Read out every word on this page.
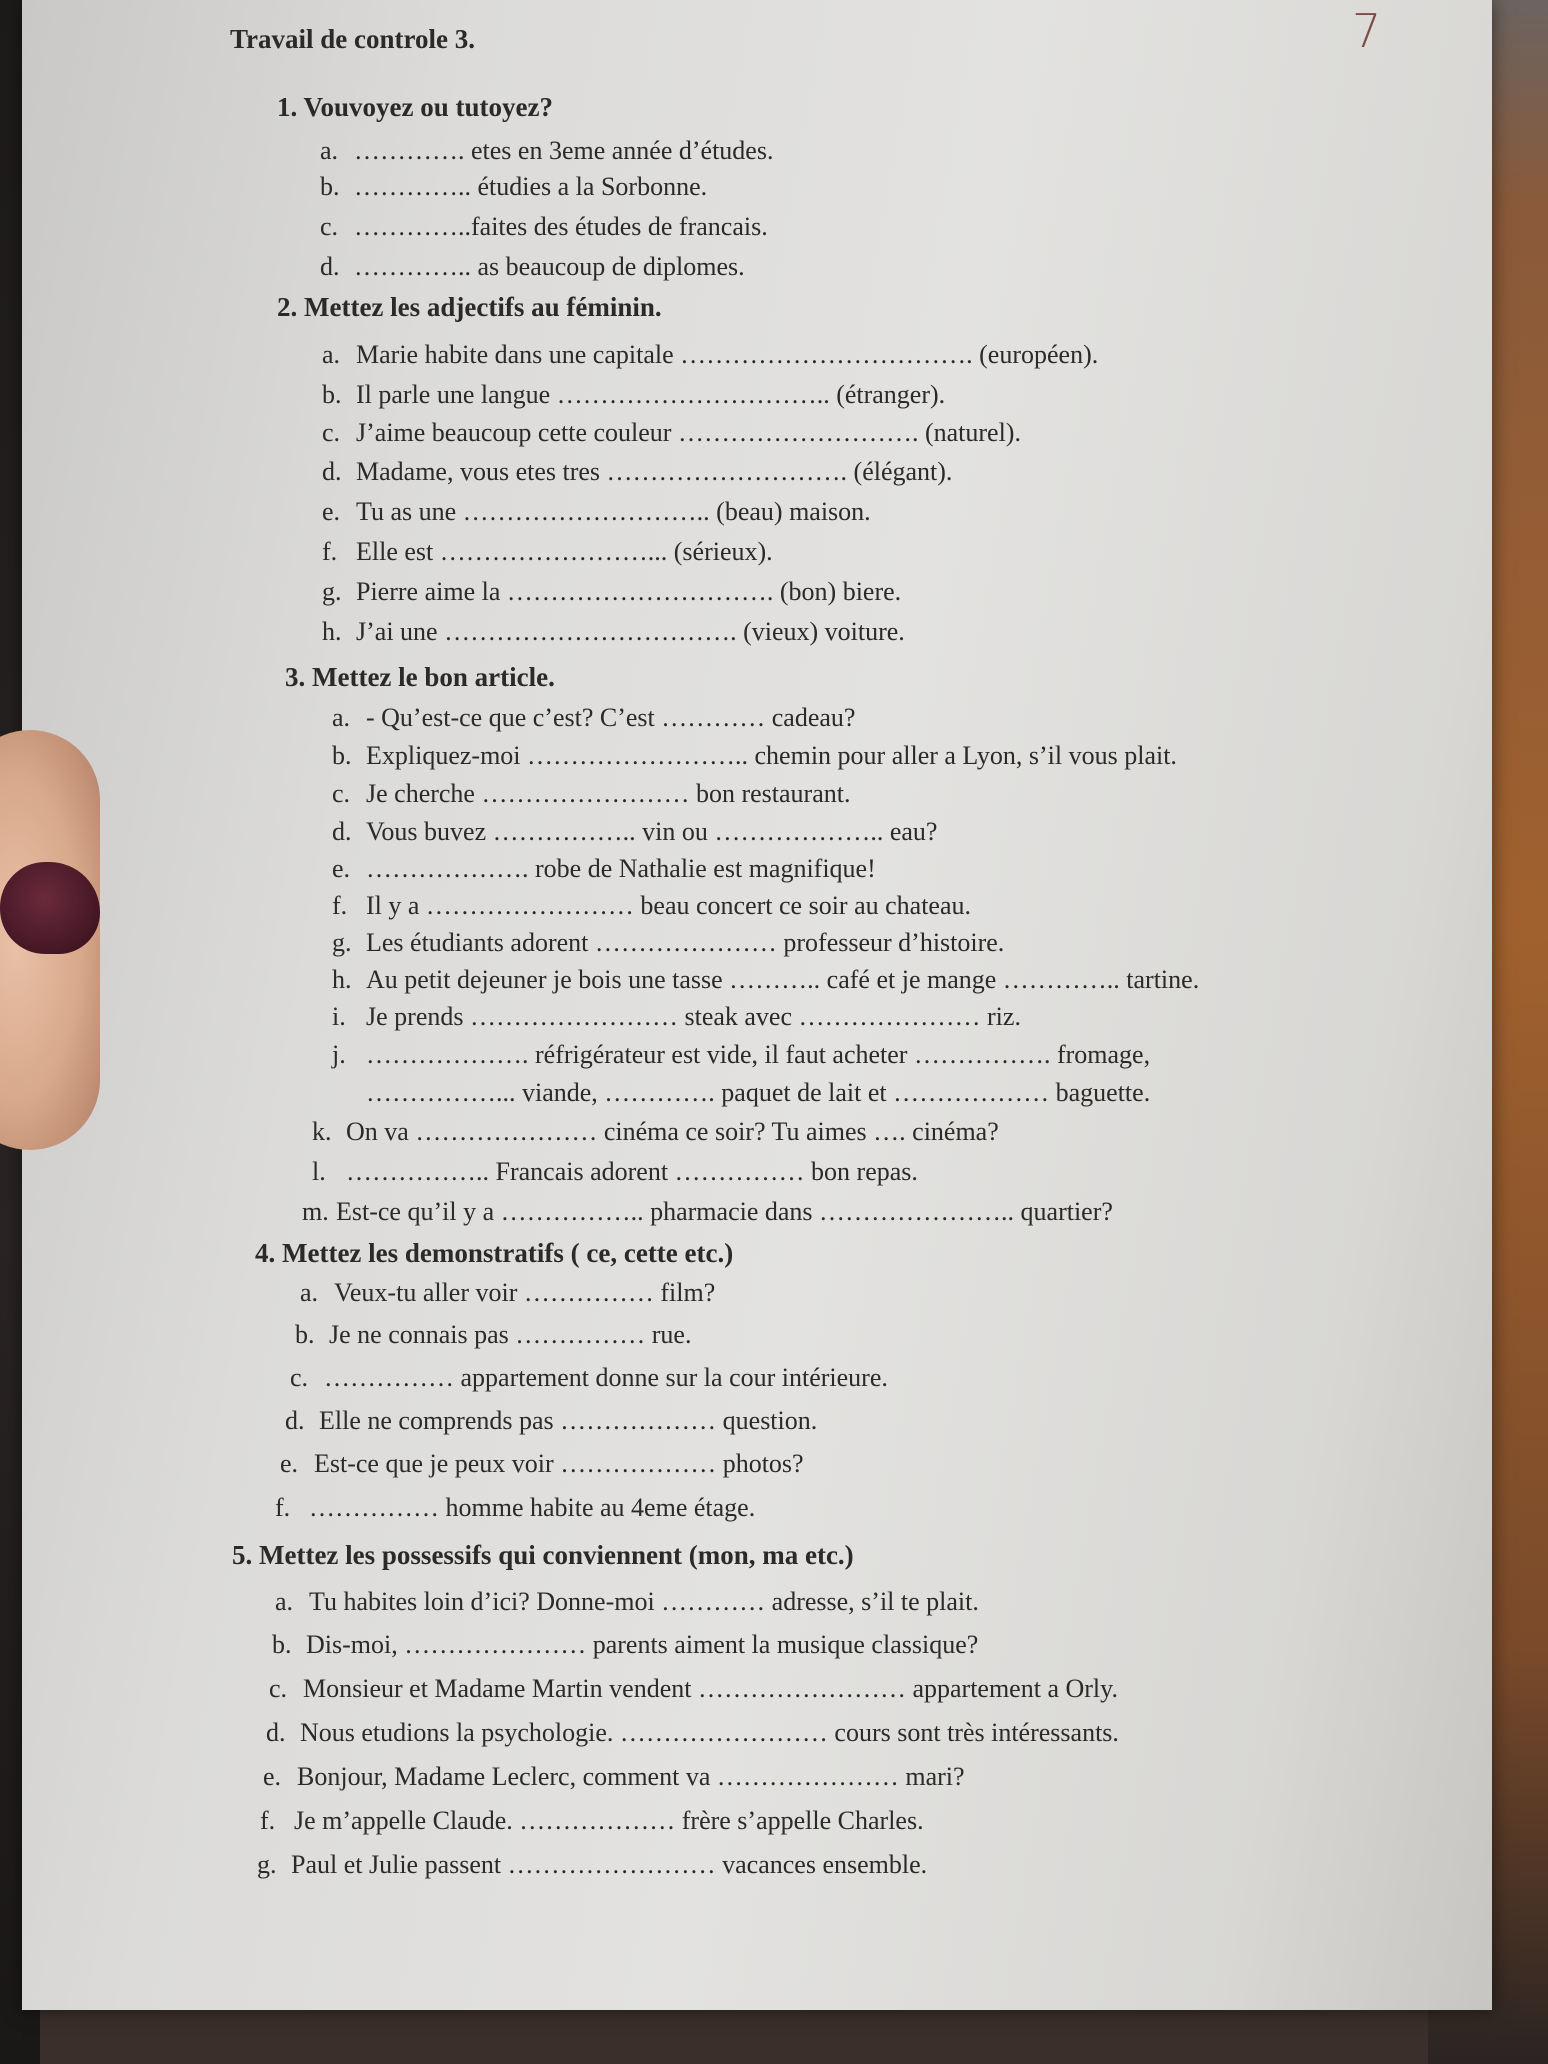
7
Travail de controle 3.
1. Vouvoyez ou tutoyez?
a. …………. etes en 3eme année d’études.
b. ………….. étudies a la Sorbonne.
c. …………..faites des études de francais.
d. ………….. as beaucoup de diplomes.
2. Mettez les adjectifs au féminin.
a. Marie habite dans une capitale ……………………………. (européen).
b. Il parle une langue ………………………….. (étranger).
c. J’aime beaucoup cette couleur ………………………. (naturel).
d. Madame, vous etes tres ………………………. (élégant).
e. Tu as une ……………………….. (beau) maison.
f. Elle est ……………………... (sérieux).
g. Pierre aime la …………………………. (bon) biere.
h. J’ai une ……………………………. (vieux) voiture.
3. Mettez le bon article.
a. - Qu’est-ce que c’est? C’est ………… cadeau?
b. Expliquez-moi …………………….. chemin pour aller a Lyon, s’il vous plait.
c. Je cherche …………………… bon restaurant.
d. Vous buvez …………….. vin ou ……………….. eau?
e. ………………. robe de Nathalie est magnifique!
f. Il y a …………………… beau concert ce soir au chateau.
g. Les étudiants adorent ………………… professeur d’histoire.
h. Au petit dejeuner je bois une tasse ……….. café et je mange ………….. tartine.
i. Je prends …………………… steak avec ………………… riz.
j. ………………. réfrigérateur est vide, il faut acheter ……………. fromage,
……………... viande, …………. paquet de lait et ……………… baguette.
k. On va ………………… cinéma ce soir? Tu aimes …. cinéma?
l. …………….. Francais adorent …………… bon repas.
m. Est-ce qu’il y a …………….. pharmacie dans ………………….. quartier?
4. Mettez les demonstratifs ( ce, cette etc.)
a. Veux-tu aller voir …………… film?
b. Je ne connais pas …………… rue.
c. …………… appartement donne sur la cour intérieure.
d. Elle ne comprends pas ……………… question.
e. Est-ce que je peux voir ……………… photos?
f. …………… homme habite au 4eme étage.
5. Mettez les possessifs qui conviennent (mon, ma etc.)
a. Tu habites loin d’ici? Donne-moi ………… adresse, s’il te plait.
b. Dis-moi, ………………… parents aiment la musique classique?
c. Monsieur et Madame Martin vendent …………………… appartement a Orly.
d. Nous etudions la psychologie. …………………… cours sont très intéressants.
e. Bonjour, Madame Leclerc, comment va ………………… mari?
f. Je m’appelle Claude. ……………… frère s’appelle Charles.
g. Paul et Julie passent …………………… vacances ensemble.
